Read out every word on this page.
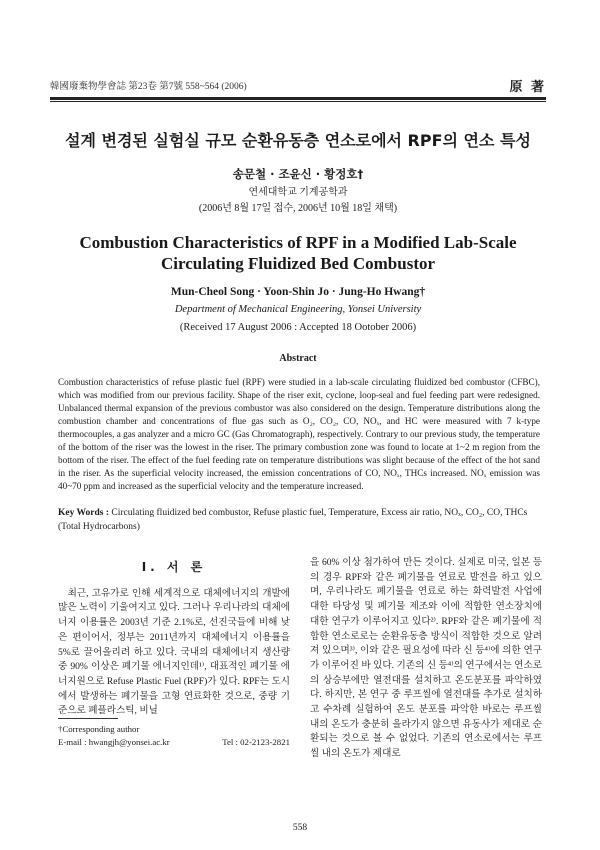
韓國廢棄物學會誌 第23卷 第7號 558~564 (2006)	原 著
설계 변경된 실험실 규모 순환유동층 연소로에서 RPF의 연소 특성
송문철 · 조윤신 · 황정호†
연세대학교 기계공학과
(2006년 8월 17일 접수, 2006년 10월 18일 채택)
Combustion Characteristics of RPF in a Modified Lab-Scale
Circulating Fluidized Bed Combustor
Mun-Cheol Song · Yoon-Shin Jo · Jung-Ho Hwang†
Department of Mechanical Engineering, Yonsei University
(Received 17 August 2006 : Accepted 18 Ootober 2006)
Abstract

Combustion characteristics of refuse plastic fuel (RPF) were studied in a lab-scale circulating fluidized bed combustor (CFBC), which was modified from our previous facility. Shape of the riser exit, cyclone, loop-seal and fuel feeding part were redesigned. Unbalanced thermal expansion of the previous combustor was also considered on the design. Temperature distributions along the combustion chamber and concentrations of flue gas such as O₂, CO₂, CO, NOₓ, and HC were measured with 7 k-type thermocouples, a gas analyzer and a micro GC (Gas Chromatograph), respectively. Contrary to our previous study, the temperature of the bottom of the riser was the lowest in the riser. The primary combustion zone was found to locate at 1~2 m region from the bottom of the riser. The effect of the fuel feeding rate on temperature distributions was slight because of the effect of the hot sand in the riser. As the superficial velocity increased, the emission concentrations of CO, NOₓ, THCs increased. NOₓ emission was 40~70 ppm and increased as the superficial velocity and the temperature increased.

Key Words : Circulating fluidized bed combustor, Refuse plastic fuel, Temperature, Excess air ratio, NOₓ, CO₂, CO, THCs (Total Hydrocarbons)

I. 서 론

최근, 고유가로 인해 세계적으로 대체에너지의 개발에 많은 노력이 기울여지고 있다. 그러나 우리나라의 대체에너지 이용률은 2003년 기준 2.1%로, 선진국들에 비해 낮은 편이어서, 정부는 2011년까지 대체에너지 이용률을 5%로 끌어올리려 하고 있다. 국내의 대체에너지 생산량 중 90% 이상은 폐기물 에너지인데¹⁾, 대표적인 폐기물 에너지원으로 Refuse Plastic Fuel (RPF)가 있다. RPF는 도시에서 발생하는 폐기물을 고형 연료화한 것으로, 중량 기준으로 폐플라스틱, 비닐

을 60% 이상 첨가하여 만든 것이다. 실제로 미국, 일본 등의 경우 RPF와 같은 폐기물을 연료로 발전을 하고 있으며, 우리나라도 폐기물을 연료로 하는 화력발전 사업에 대한 타당성 및 폐기물 제조와 이에 적합한 연소장치에 대한 연구가 이루어지고 있다²⁾. RPF와 같은 폐기물에 적합한 연소로로는 순환유동층 방식이 적합한 것으로 알려져 있으며³⁾, 이와 같은 필요성에 따라 신 등⁴⁾에 의한 연구가 이루어진 바 있다. 기존의 신 등⁴⁾의 연구에서는 연소로의 상승부에만 열전대를 설치하고 온도분포를 파악하였다. 하지만, 본 연구 중 루프씰에 열전대를 추가로 설치하고 수차례 실험하여 온도 분포를 파악한 바로는 루프씰 내의 온도가 충분히 올라가지 않으면 유동사가 제대로 순환되는 것으로 볼 수 없었다. 기존의 연소로에서는 루프씰 내의 온도가 제대로

†Corresponding author
E-mail : hwangjh@yonsei.ac.kr	Tel : 02-2123-2821
558
